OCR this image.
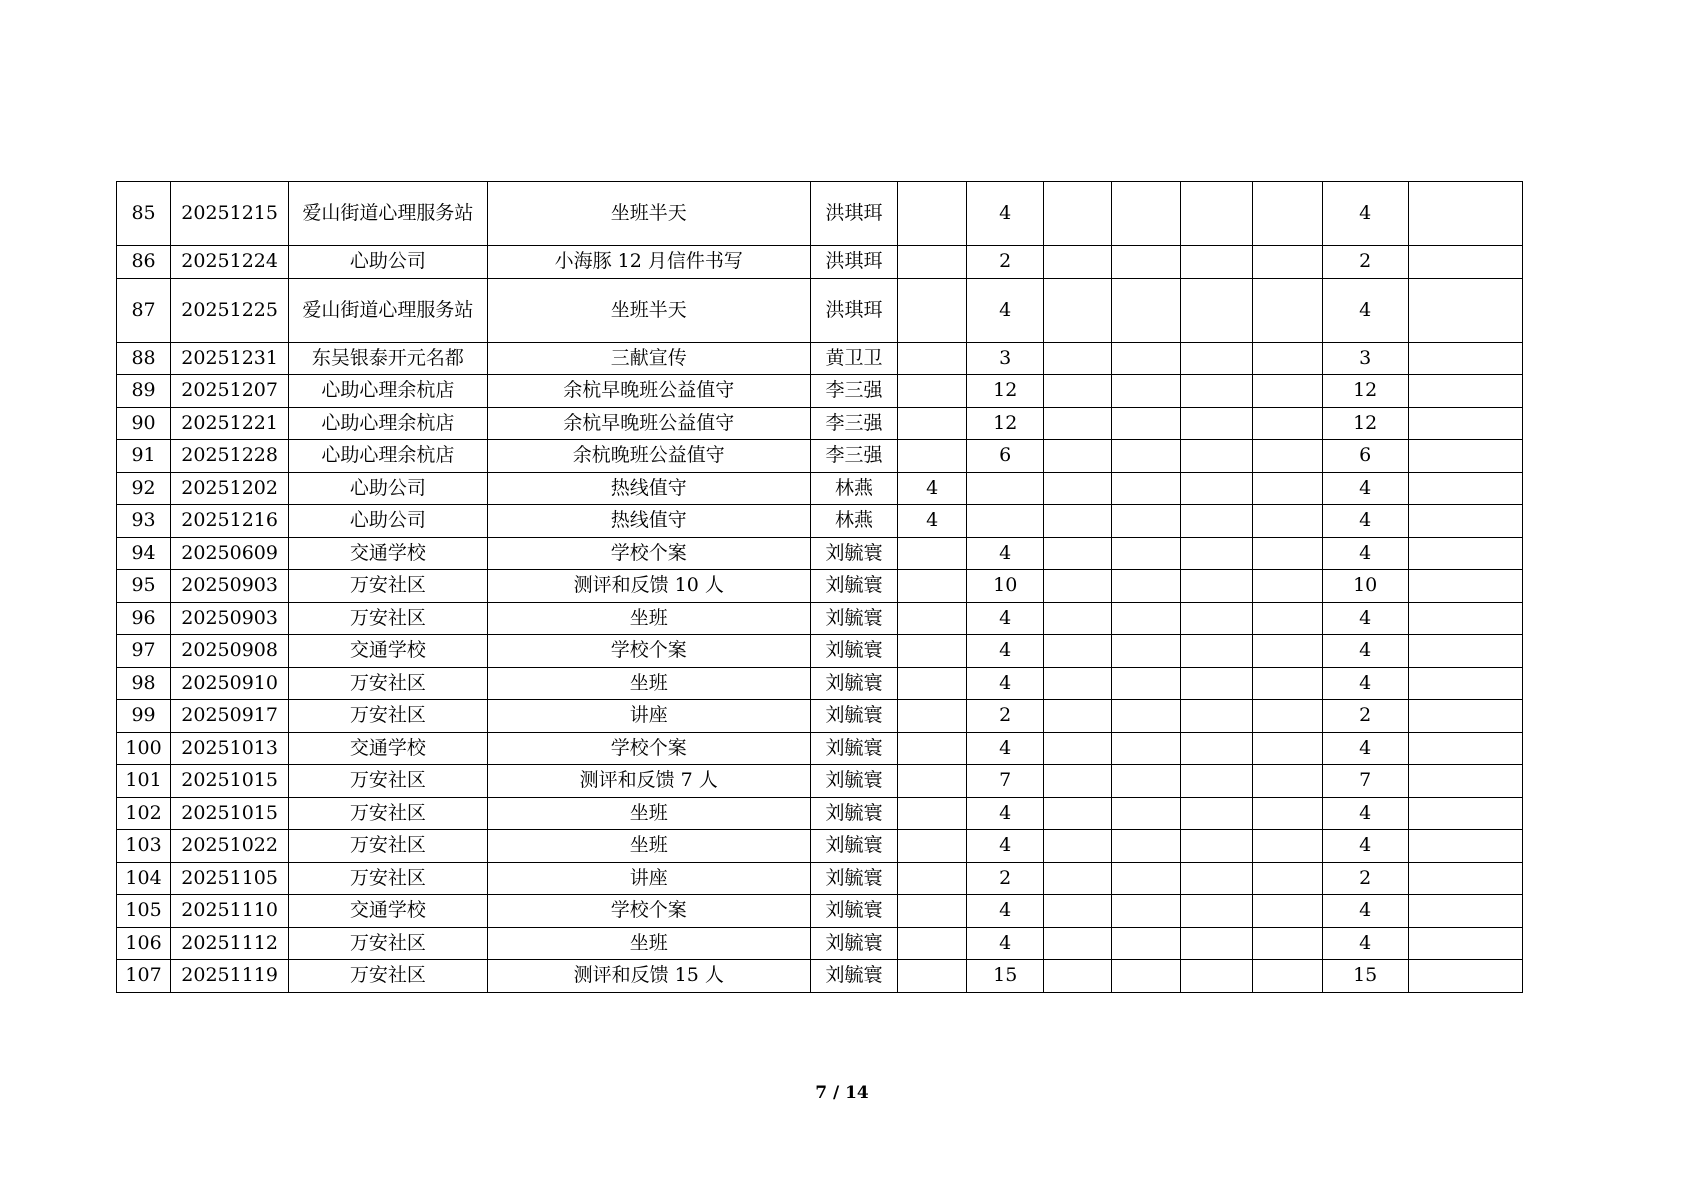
85	20251215	爱山街道心理服务站	坐班半天	洪琪珥		4					4	
86	20251224	心助公司	小海豚 12 月信件书写	洪琪珥		2					2	
87	20251225	爱山街道心理服务站	坐班半天	洪琪珥		4					4	
88	20251231	东吴银泰开元名都	三献宣传	黄卫卫		3					3	
89	20251207	心助心理余杭店	余杭早晚班公益值守	李三强		12					12	
90	20251221	心助心理余杭店	余杭早晚班公益值守	李三强		12					12	
91	20251228	心助心理余杭店	余杭晚班公益值守	李三强		6					6	
92	20251202	心助公司	热线值守	林燕	4						4	
93	20251216	心助公司	热线值守	林燕	4						4	
94	20250609	交通学校	学校个案	刘毓寰		4					4	
95	20250903	万安社区	测评和反馈 10 人	刘毓寰		10					10	
96	20250903	万安社区	坐班	刘毓寰		4					4	
97	20250908	交通学校	学校个案	刘毓寰		4					4	
98	20250910	万安社区	坐班	刘毓寰		4					4	
99	20250917	万安社区	讲座	刘毓寰		2					2	
100	20251013	交通学校	学校个案	刘毓寰		4					4	
101	20251015	万安社区	测评和反馈 7 人	刘毓寰		7					7	
102	20251015	万安社区	坐班	刘毓寰		4					4	
103	20251022	万安社区	坐班	刘毓寰		4					4	
104	20251105	万安社区	讲座	刘毓寰		2					2	
105	20251110	交通学校	学校个案	刘毓寰		4					4	
106	20251112	万安社区	坐班	刘毓寰		4					4	
107	20251119	万安社区	测评和反馈 15 人	刘毓寰		15					15	
7 / 14
